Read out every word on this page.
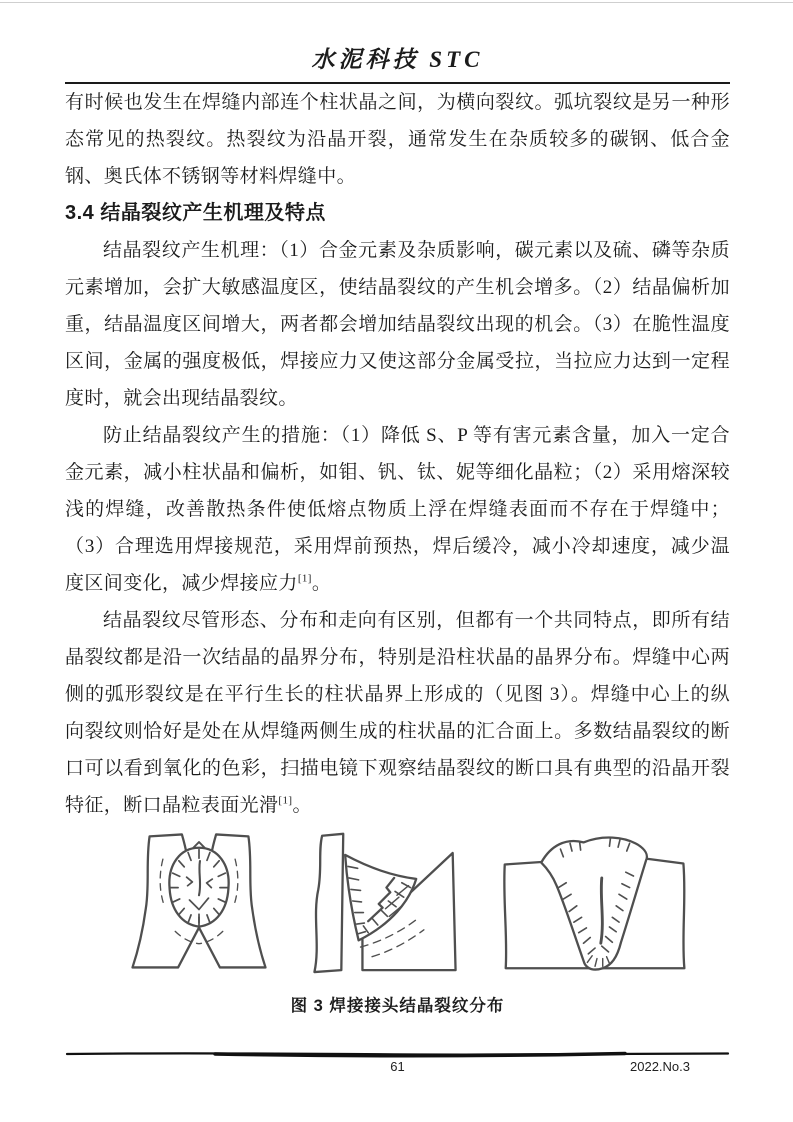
水泥科技 STC

有时候也发生在焊缝内部连个柱状晶之间，为横向裂纹。弧坑裂纹是另一种形态常见的热裂纹。热裂纹为沿晶开裂，通常发生在杂质较多的碳钢、低合金钢、奥氏体不锈钢等材料焊缝中。

3.4 结晶裂纹产生机理及特点

结晶裂纹产生机理：（1）合金元素及杂质影响，碳元素以及硫、磷等杂质元素增加，会扩大敏感温度区，使结晶裂纹的产生机会增多。（2）结晶偏析加重，结晶温度区间增大，两者都会增加结晶裂纹出现的机会。（3）在脆性温度区间，金属的强度极低，焊接应力又使这部分金属受拉，当拉应力达到一定程度时，就会出现结晶裂纹。

防止结晶裂纹产生的措施：（1）降低 S、P 等有害元素含量，加入一定合金元素，减小柱状晶和偏析，如钼、钒、钛、妮等细化晶粒；（2）采用熔深较浅的焊缝，改善散热条件使低熔点物质上浮在焊缝表面而不存在于焊缝中；（3）合理选用焊接规范，采用焊前预热，焊后缓冷，减小冷却速度，减少温度区间变化，减少焊接应力[1]。

结晶裂纹尽管形态、分布和走向有区别，但都有一个共同特点，即所有结晶裂纹都是沿一次结晶的晶界分布，特别是沿柱状晶的晶界分布。焊缝中心两侧的弧形裂纹是在平行生长的柱状晶界上形成的（见图 3）。焊缝中心上的纵向裂纹则恰好是处在从焊缝两侧生成的柱状晶的汇合面上。多数结晶裂纹的断口可以看到氧化的色彩，扫描电镜下观察结晶裂纹的断口具有典型的沿晶开裂特征，断口晶粒表面光滑[1]。

图 3 焊接接头结晶裂纹分布
61	2022.No.3
